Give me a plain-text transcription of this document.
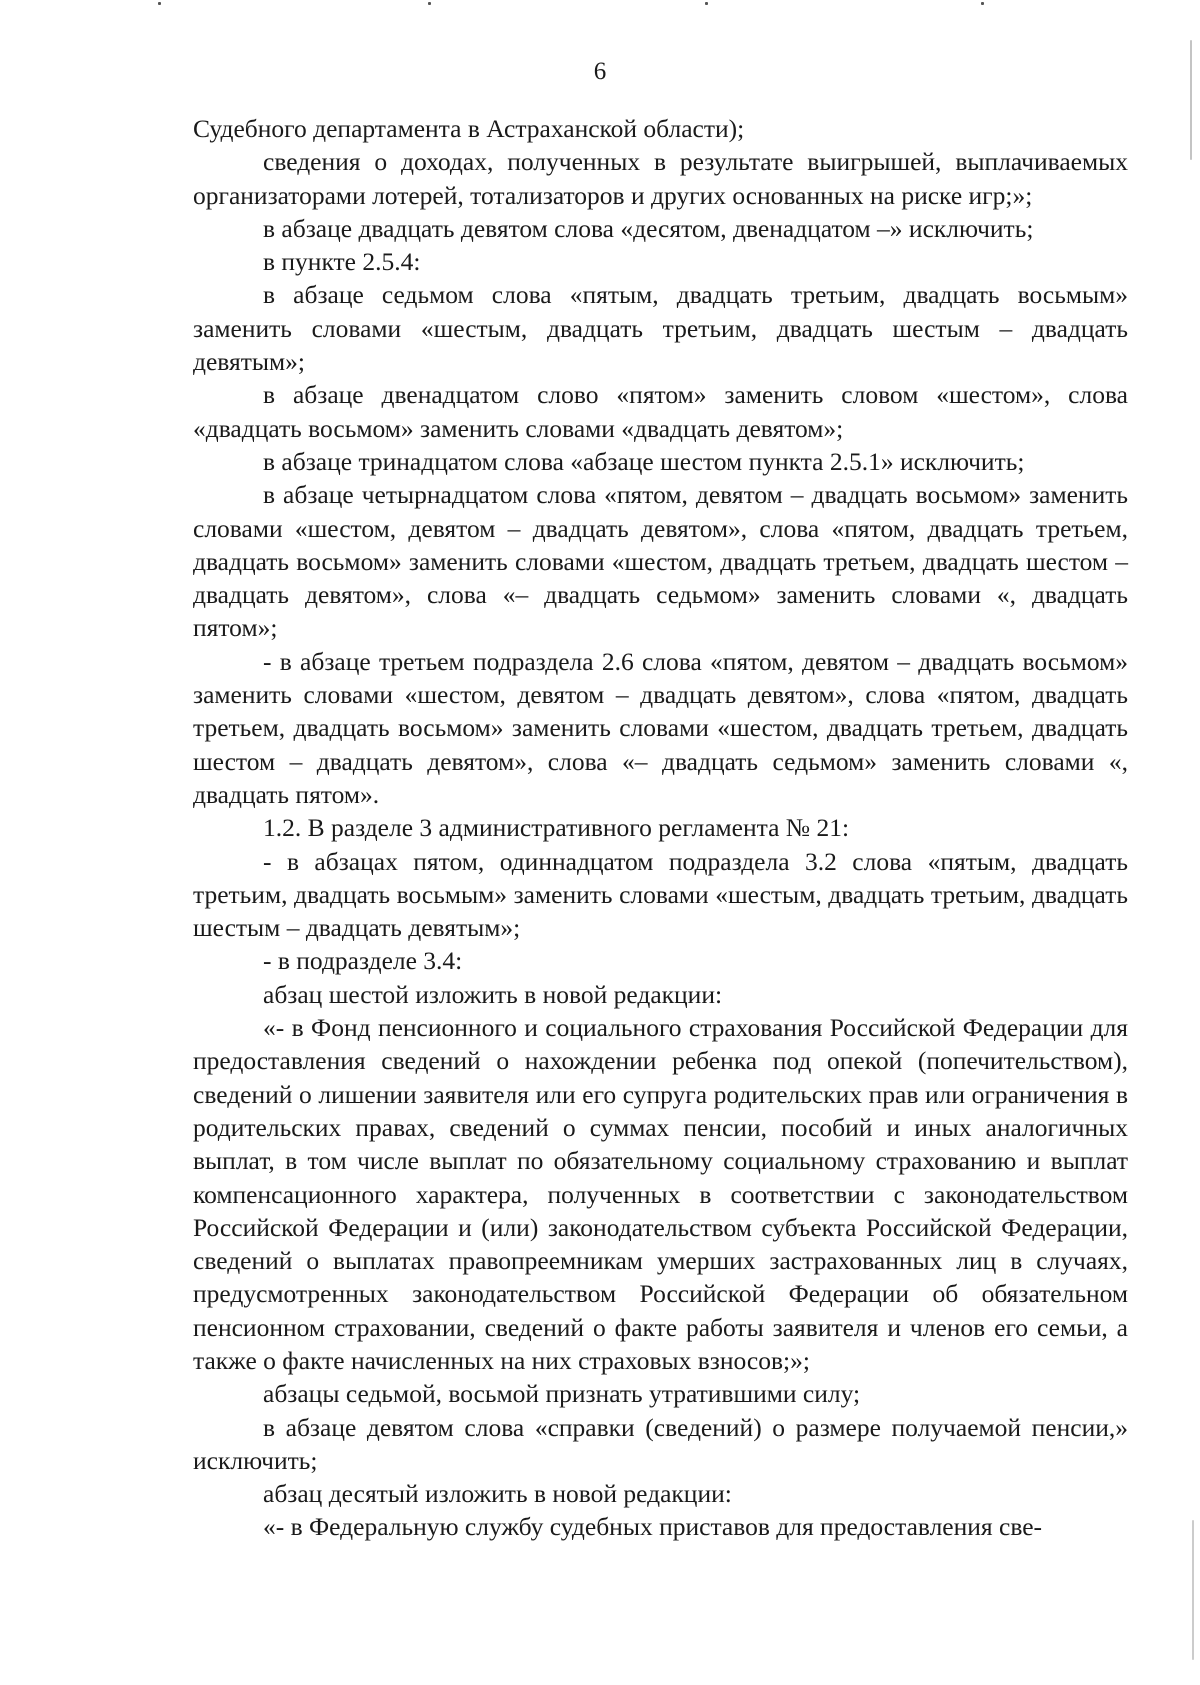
6

Судебного департамента в Астраханской области);

сведения о доходах, полученных в результате выигрышей, выплачиваемых организаторами лотерей, тотализаторов и других основанных на риске игр;»;

в абзаце двадцать девятом слова «десятом, двенадцатом –» исключить;

в пункте 2.5.4:

в абзаце седьмом слова «пятым, двадцать третьим, двадцать восьмым» заменить словами «шестым, двадцать третьим, двадцать шестым – двадцать девятым»;

в абзаце двенадцатом слово «пятом» заменить словом «шестом», слова «двадцать восьмом» заменить словами «двадцать девятом»;

в абзаце тринадцатом слова «абзаце шестом пункта 2.5.1» исключить;

в абзаце четырнадцатом слова «пятом, девятом – двадцать восьмом» заменить словами «шестом, девятом – двадцать девятом», слова «пятом, двадцать третьем, двадцать восьмом» заменить словами «шестом, двадцать третьем, двадцать шестом – двадцать девятом», слова «– двадцать седьмом» заменить словами «, двадцать пятом»;

- в абзаце третьем подраздела 2.6 слова «пятом, девятом – двадцать восьмом» заменить словами «шестом, девятом – двадцать девятом», слова «пятом, двадцать третьем, двадцать восьмом» заменить словами «шестом, двадцать третьем, двадцать шестом – двадцать девятом», слова «– двадцать седьмом» заменить словами «, двадцать пятом».

1.2. В разделе 3 административного регламента № 21:

- в абзацах пятом, одиннадцатом подраздела 3.2 слова «пятым, двадцать третьим, двадцать восьмым» заменить словами «шестым, двадцать третьим, двадцать шестым – двадцать девятым»;

- в подразделе 3.4:

абзац шестой изложить в новой редакции:

«- в Фонд пенсионного и социального страхования Российской Федерации для предоставления сведений о нахождении ребенка под опекой (попечительством), сведений о лишении заявителя или его супруга родительских прав или ограничения в родительских правах, сведений о суммах пенсии, пособий и иных аналогичных выплат, в том числе выплат по обязательному социальному страхованию и выплат компенсационного характера, полученных в соответствии с законодательством Российской Федерации и (или) законодательством субъекта Российской Федерации, сведений о выплатах правопреемникам умерших застрахованных лиц в случаях, предусмотренных законодательством Российской Федерации об обязательном пенсионном страховании, сведений о факте работы заявителя и членов его семьи, а также о факте начисленных на них страховых взносов;»;

абзацы седьмой, восьмой признать утратившими силу;

в абзаце девятом слова «справки (сведений) о размере получаемой пенсии,» исключить;

абзац десятый изложить в новой редакции:

«- в Федеральную службу судебных приставов для предоставления све-
